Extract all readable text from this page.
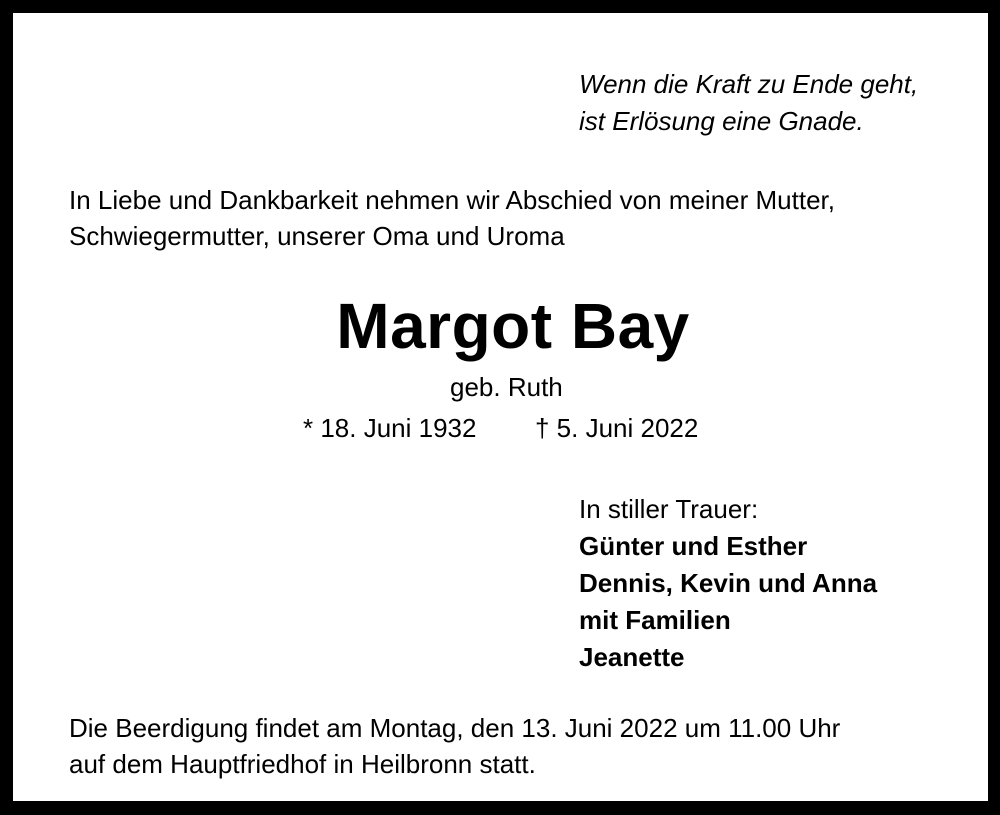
Wenn die Kraft zu Ende geht,

ist Erlösung eine Gnade.

In Liebe und Dankbarkeit nehmen wir Abschied von meiner Mutter,

Schwiegermutter, unserer Oma und Uroma

Margot Bay

geb. Ruth

* 18. Juni 1932 † 5. Juni 2022

In stiller Trauer:

Günter und Esther

Dennis, Kevin und Anna

mit Familien

Jeanette

Die Beerdigung findet am Montag, den 13. Juni 2022 um 11.00 Uhr

auf dem Hauptfriedhof in Heilbronn statt.
